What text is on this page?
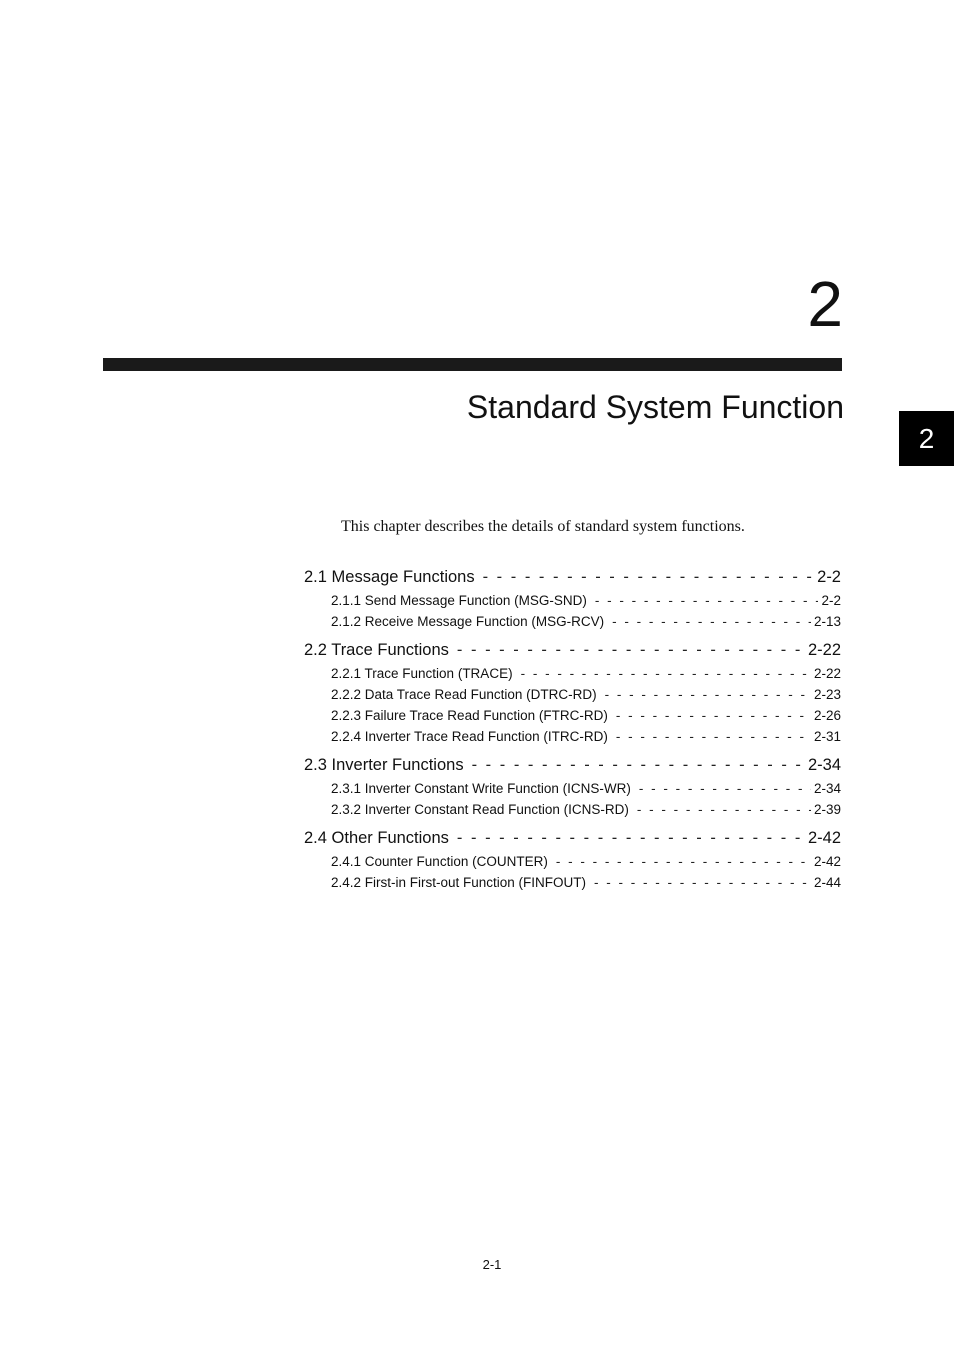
2
Standard System Function
2
This chapter describes the details of standard system functions.
2.1 Message Functions - - -	2-2
2.1.1 Send Message Function (MSG-SND) - - -	2-2
2.1.2 Receive Message Function (MSG-RCV) - - -	2-13
2.2 Trace Functions - - -	2-22
2.2.1 Trace Function (TRACE) - - -	2-22
2.2.2 Data Trace Read Function (DTRC-RD) - - -	2-23
2.2.3 Failure Trace Read Function (FTRC-RD) - - -	2-26
2.2.4 Inverter Trace Read Function (ITRC-RD) - - -	2-31
2.3 Inverter Functions - - -	2-34
2.3.1 Inverter Constant Write Function (ICNS-WR) - - -	2-34
2.3.2 Inverter Constant Read Function (ICNS-RD) - - -	2-39
2.4 Other Functions - - -	2-42
2.4.1 Counter Function (COUNTER) - - -	2-42
2.4.2 First-in First-out Function (FINFOUT) - - -	2-44
2-1
